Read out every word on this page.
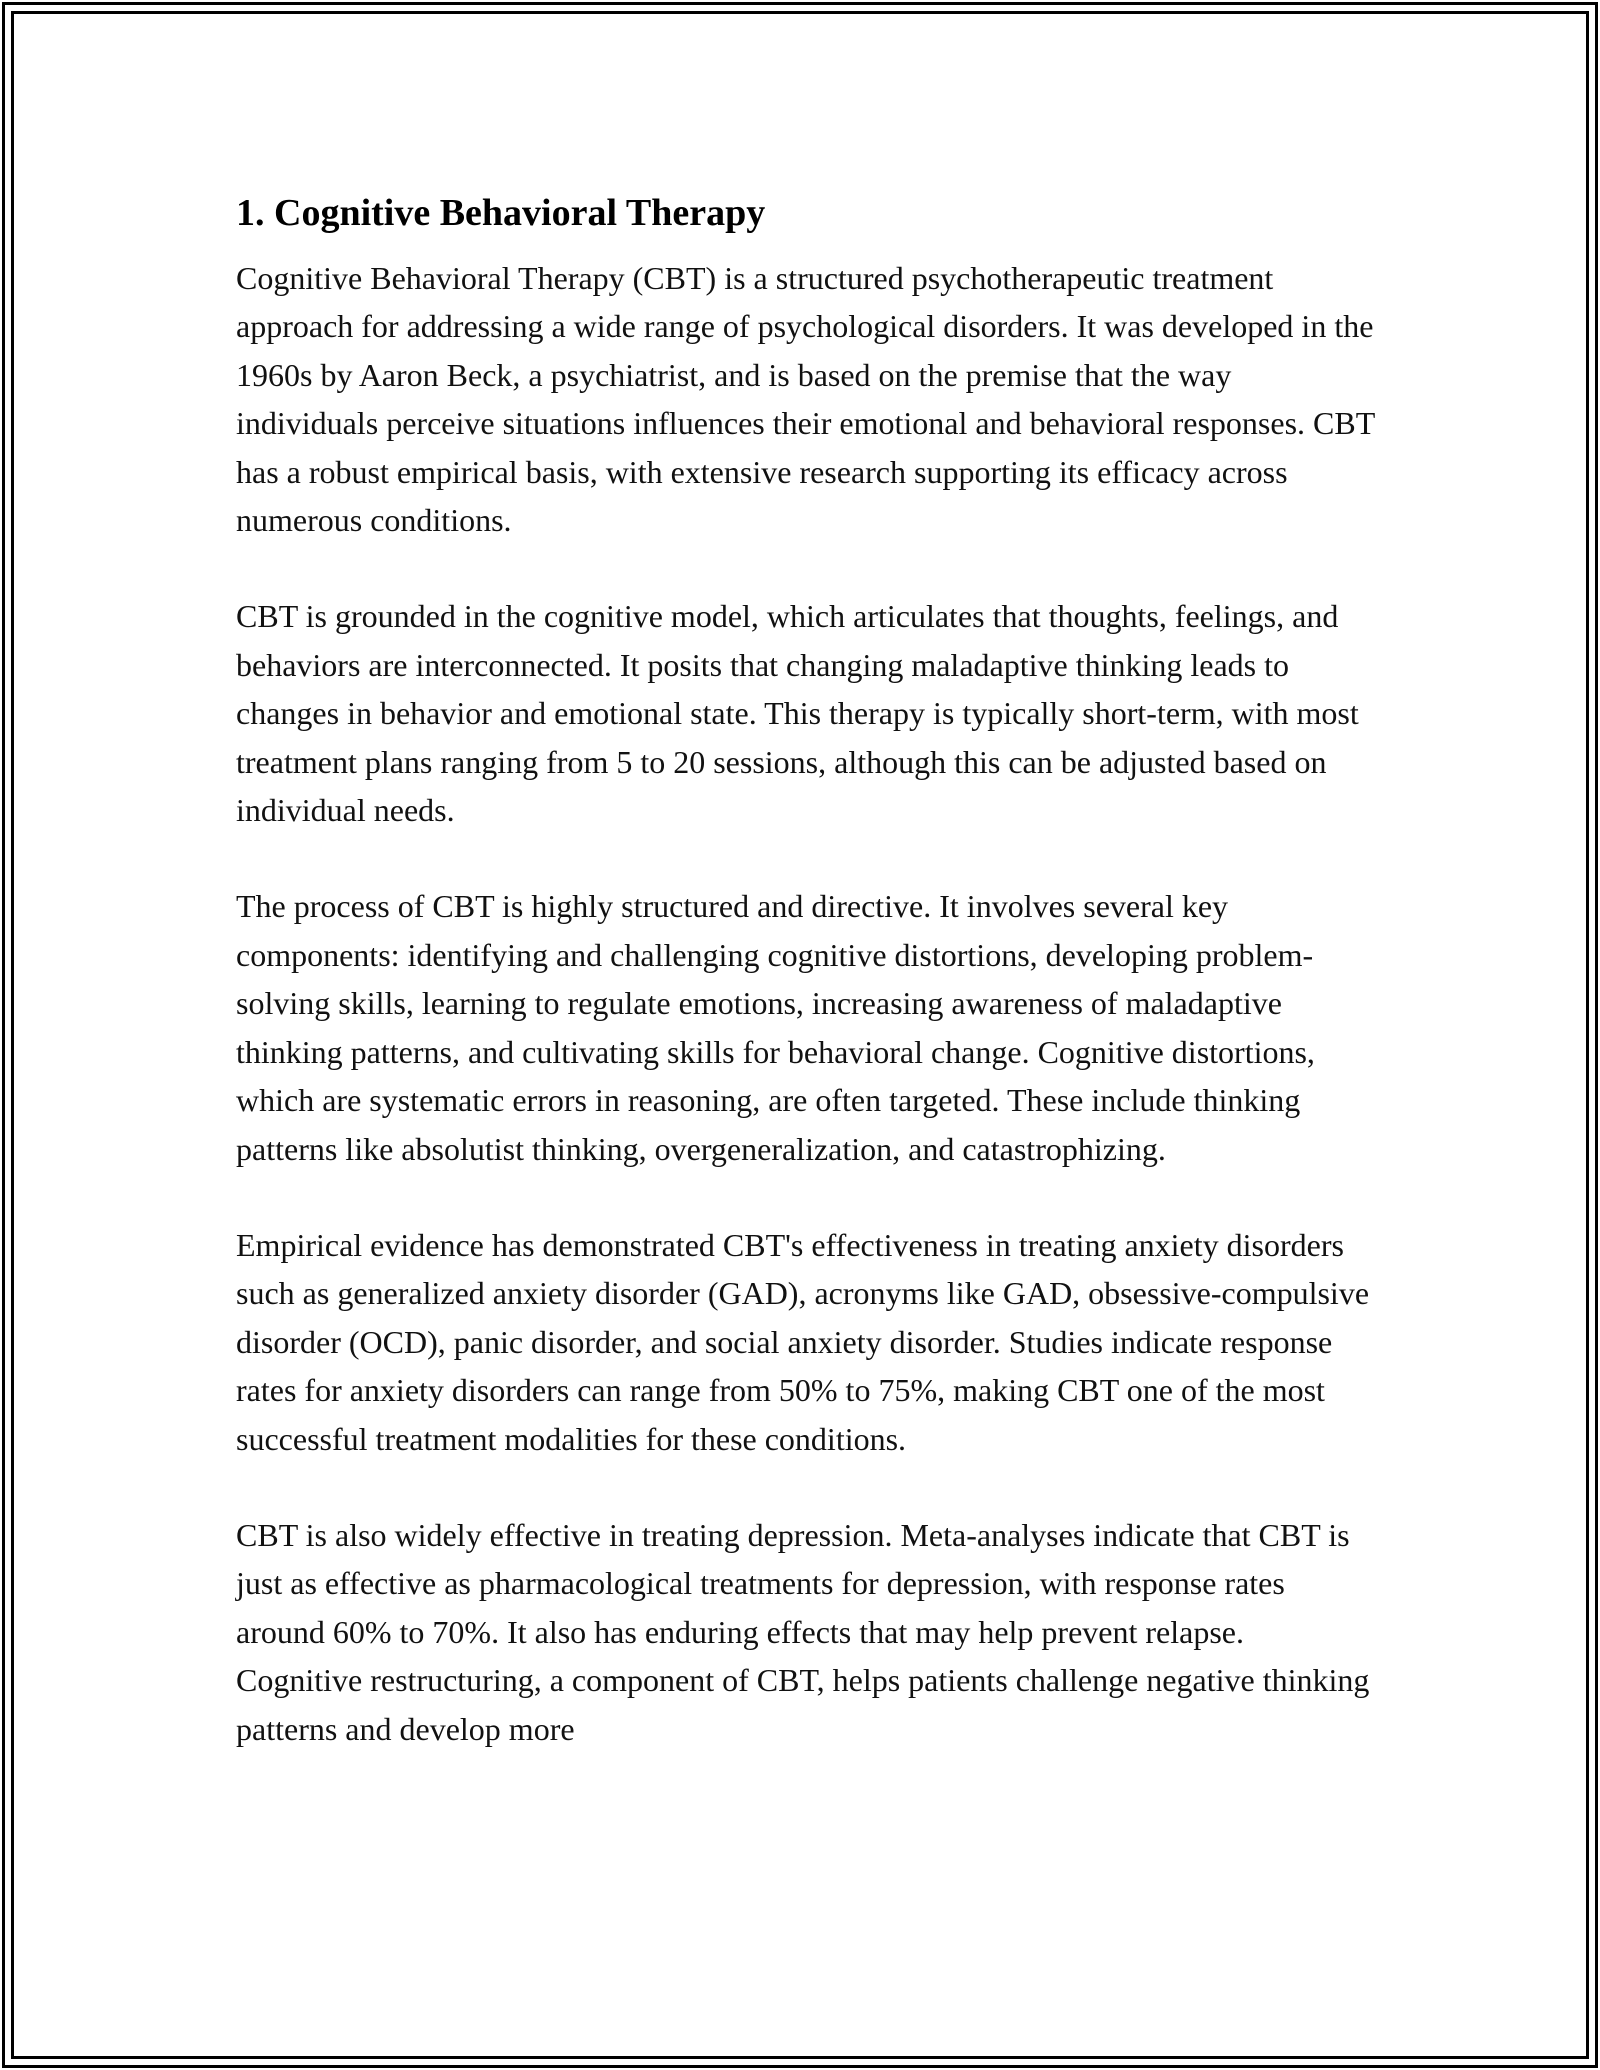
1. Cognitive Behavioral Therapy

Cognitive Behavioral Therapy (CBT) is a structured psychotherapeutic treatment approach for addressing a wide range of psychological disorders. It was developed in the 1960s by Aaron Beck, a psychiatrist, and is based on the premise that the way individuals perceive situations influences their emotional and behavioral responses. CBT has a robust empirical basis, with extensive research supporting its efficacy across numerous conditions.

CBT is grounded in the cognitive model, which articulates that thoughts, feelings, and behaviors are interconnected. It posits that changing maladaptive thinking leads to changes in behavior and emotional state. This therapy is typically short-term, with most treatment plans ranging from 5 to 20 sessions, although this can be adjusted based on individual needs.

The process of CBT is highly structured and directive. It involves several key components: identifying and challenging cognitive distortions, developing problem-solving skills, learning to regulate emotions, increasing awareness of maladaptive thinking patterns, and cultivating skills for behavioral change. Cognitive distortions, which are systematic errors in reasoning, are often targeted. These include thinking patterns like absolutist thinking, overgeneralization, and catastrophizing.

Empirical evidence has demonstrated CBT's effectiveness in treating anxiety disorders such as generalized anxiety disorder (GAD), acronyms like GAD, obsessive-compulsive disorder (OCD), panic disorder, and social anxiety disorder. Studies indicate response rates for anxiety disorders can range from 50% to 75%, making CBT one of the most successful treatment modalities for these conditions.

CBT is also widely effective in treating depression. Meta-analyses indicate that CBT is just as effective as pharmacological treatments for depression, with response rates around 60% to 70%. It also has enduring effects that may help prevent relapse. Cognitive restructuring, a component of CBT, helps patients challenge negative thinking patterns and develop more
